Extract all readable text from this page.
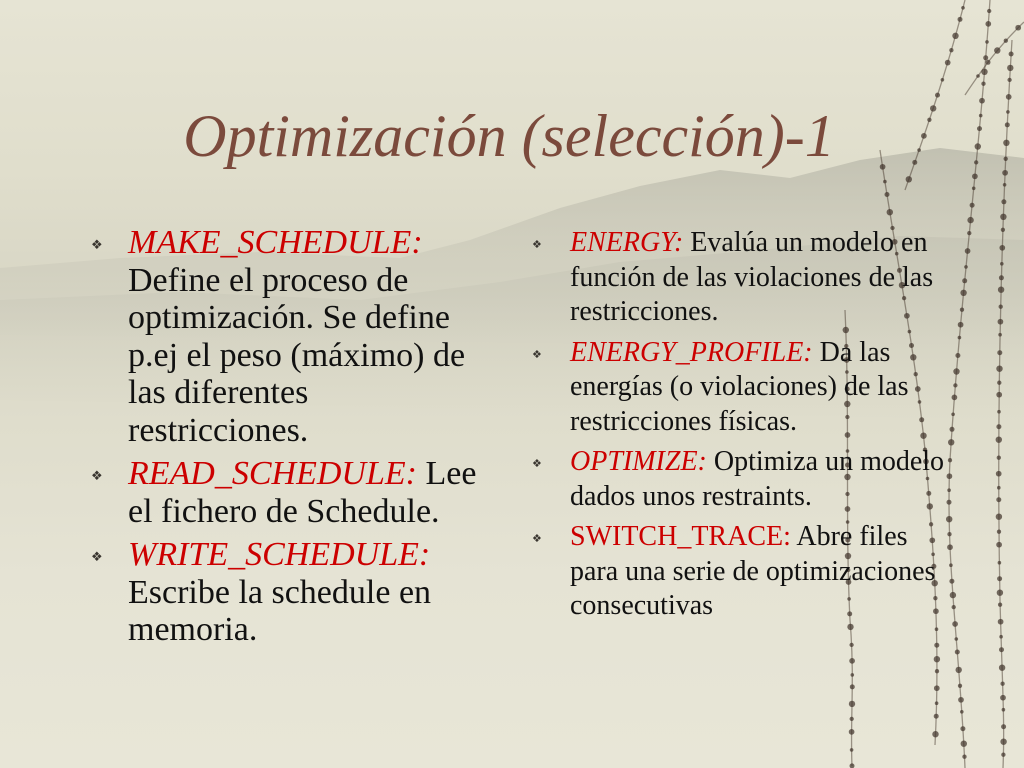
Optimización (selección)-1
❖
MAKE_SCHEDULE: Define el proceso de optimización. Se define p.ej el peso (máximo) de las diferentes restricciones.
❖
READ_SCHEDULE: Lee el fichero de Schedule.
❖
WRITE_SCHEDULE: Escribe la schedule en memoria.
❖
ENERGY: Evalúa un modelo en función de las violaciones de las restricciones.
❖
ENERGY_PROFILE: Da las energías (o violaciones) de las restricciones físicas.
❖
OPTIMIZE: Optimiza un modelo dados unos restraints.
❖
SWITCH_TRACE: Abre files para una serie de optimizaciones consecutivas
